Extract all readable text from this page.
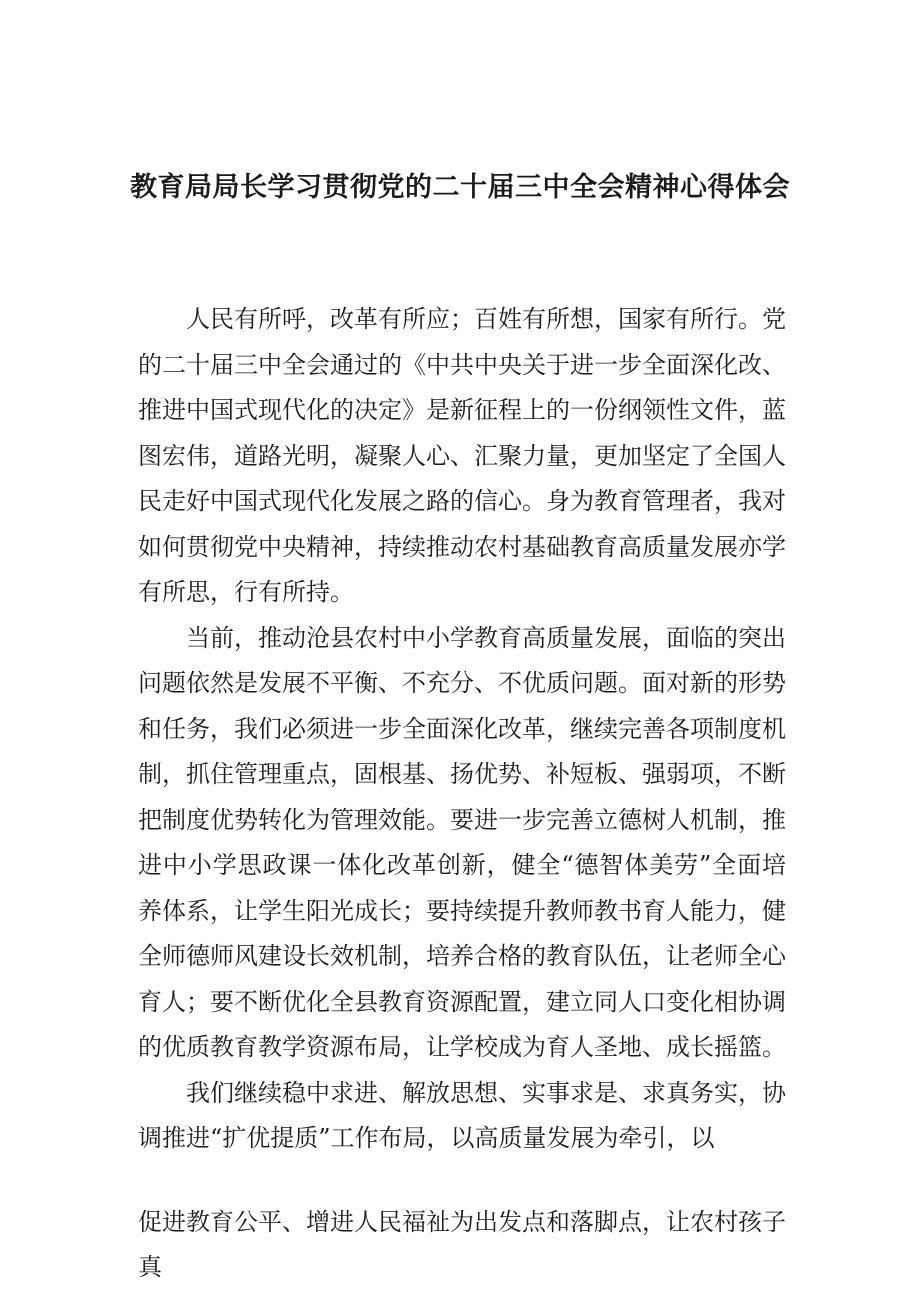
教育局局长学习贯彻党的二十届三中全会精神心得体会

人民有所呼，改革有所应；百姓有所想，国家有所行。党的二十届三中全会通过的《中共中央关于进一步全面深化改、推进中国式现代化的决定》是新征程上的一份纲领性文件，蓝图宏伟，道路光明，凝聚人心、汇聚力量，更加坚定了全国人民走好中国式现代化发展之路的信心。身为教育管理者，我对如何贯彻党中央精神，持续推动农村基础教育高质量发展亦学有所思，行有所持。

当前，推动沧县农村中小学教育高质量发展，面临的突出问题依然是发展不平衡、不充分、不优质问题。面对新的形势和任务，我们必须进一步全面深化改革，继续完善各项制度机制，抓住管理重点，固根基、扬优势、补短板、强弱项，不断把制度优势转化为管理效能。要进一步完善立德树人机制，推进中小学思政课一体化改革创新，健全“德智体美劳”全面培养体系，让学生阳光成长；要持续提升教师教书育人能力，健全师德师风建设长效机制，培养合格的教育队伍，让老师全心育人；要不断优化全县教育资源配置，建立同人口变化相协调的优质教育教学资源布局，让学校成为育人圣地、成长摇篮。

我们继续稳中求进、解放思想、实事求是、求真务实，协调推进“扩优提质”工作布局，以高质量发展为牵引，以

促进教育公平、增进人民福祉为出发点和落脚点，让农村孩子真
